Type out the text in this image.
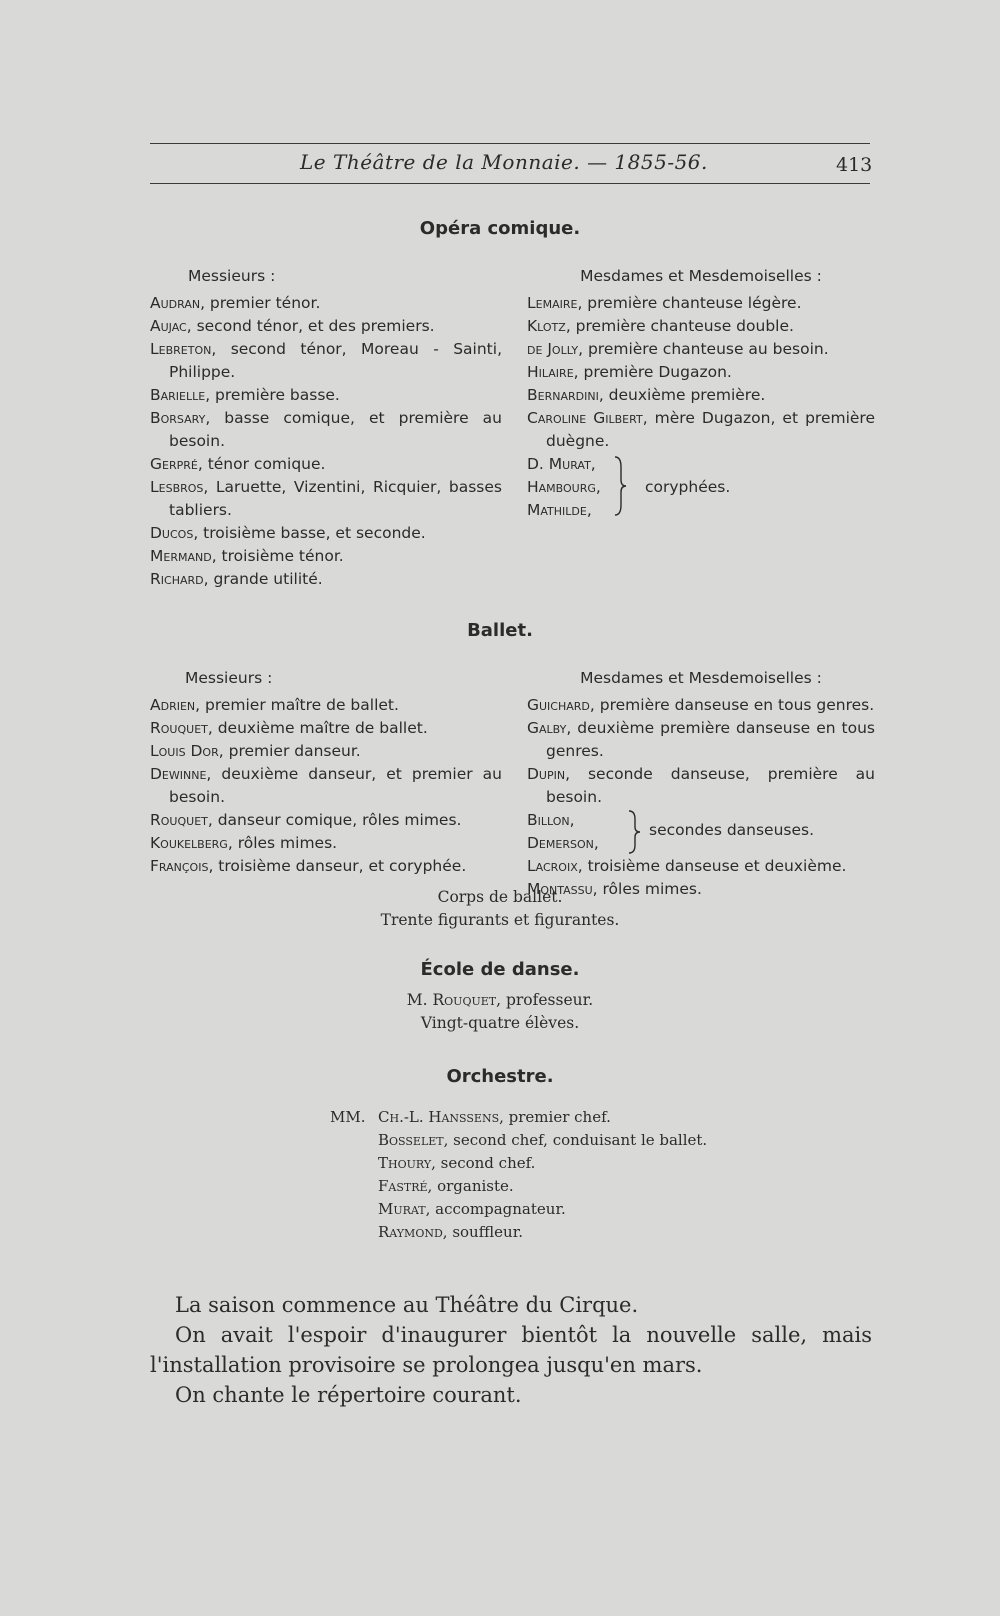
Le Théâtre de la Monnaie. — 1855-56.	413
Opéra comique.
Messieurs :
Audran, premier ténor.
Aujac, second ténor, et des premiers.
Lebreton, second ténor, Moreau - Sainti, Philippe.
Barielle, première basse.
Borsary, basse comique, et première au besoin.
Gerpré, ténor comique.
Lesbros, Laruette, Vizentini, Ricquier, basses tabliers.
Ducos, troisième basse, et seconde.
Mermand, troisième ténor.
Richard, grande utilité.
Mesdames et Mesdemoiselles :
Lemaire, première chanteuse légère.
Klotz, première chanteuse double.
de Jolly, première chanteuse au besoin.
Hilaire, première Dugazon.
Bernardini, deuxième première.
Caroline Gilbert, mère Dugazon, et première duègne.
D. Murat,
Hambourg,
Mathilde,
coryphées.
Ballet.
Messieurs :
Adrien, premier maître de ballet.
Rouquet, deuxième maître de ballet.
Louis Dor, premier danseur.
Dewinne, deuxième danseur, et premier au besoin.
Rouquet, danseur comique, rôles mimes.
Koukelberg, rôles mimes.
François, troisième danseur, et coryphée.
Mesdames et Mesdemoiselles :
Guichard, première danseuse en tous genres.
Galby, deuxième première danseuse en tous genres.
Dupin, seconde danseuse, première au besoin.
Billon,
Demerson,
secondes danseuses.
Lacroix, troisième danseuse et deuxième.
Montassu, rôles mimes.
Corps de ballet.
Trente figurants et figurantes.
École de danse.
M. Rouquet, professeur.
Vingt-quatre élèves.
Orchestre.
MM. Ch.-L. Hanssens, premier chef.
Bosselet, second chef, conduisant le ballet.
Thoury, second chef.
Fastré, organiste.
Murat, accompagnateur.
Raymond, souffleur.

La saison commence au Théâtre du Cirque.

On avait l'espoir d'inaugurer bientôt la nouvelle salle, mais l'installation provisoire se prolongea jusqu'en mars.

On chante le répertoire courant.
